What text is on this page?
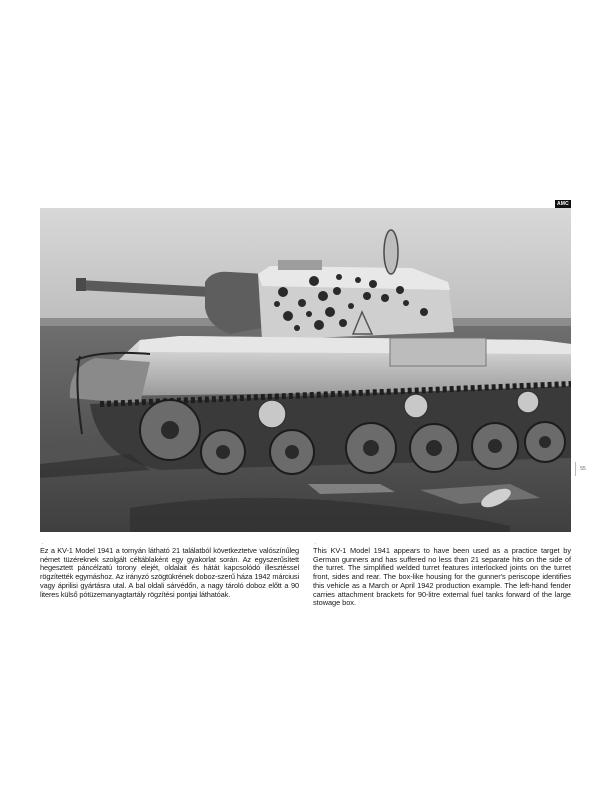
AMC
55
→

Ez a KV-1 Model 1941 a tornyán látható 21 találatból következtetve valószínűleg német tüzéreknek szolgált céltáblaként egy gyakorlat során. Az egyszerűsített hegesztett páncélzatú torony elejét, oldalait és hátát kapcsolódó illesztéssel rögzítették egymáshoz. Az irányzó szögtükrének doboz-szerű háza 1942 márciusi vagy áprilisi gyártásra utal. A bal oldali sárvédőn, a nagy tároló doboz előtt a 90 literes külső pótüzemanyagtartály rögzítési pontjai láthatóak.

→

This KV-1 Model 1941 appears to have been used as a practice target by German gunners and has suffered no less than 21 separate hits on the side of the turret. The simplified welded turret features interlocked joints on the turret front, sides and rear. The box-like housing for the gunner's periscope identifies this vehicle as a March or April 1942 production example. The left-hand fender carries attachment brackets for 90-litre external fuel tanks forward of the large stowage box.
